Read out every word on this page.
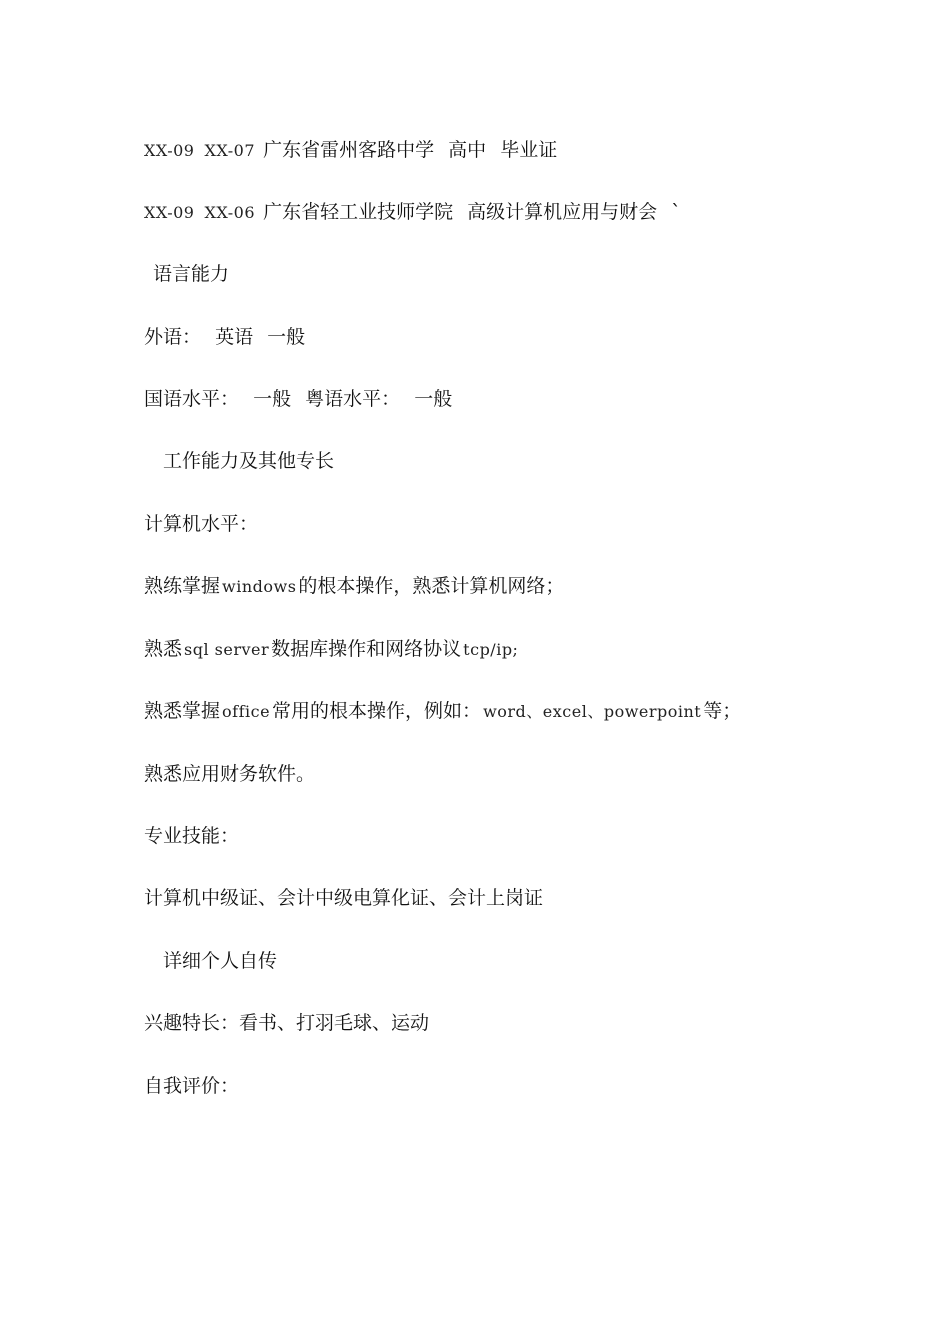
XX-09 XX-07 广东省雷州客路中学 高中 毕业证
XX-09 XX-06 广东省轻工业技师学院 高级计算机应用与财会 `
语言能力
外语： 英语 一般
国语水平： 一般 粤语水平： 一般
工作能力及其他专长
计算机水平：
熟练掌握 windows 的根本操作，熟悉计算机网络；
熟悉 sql server 数据库操作和网络协议 tcp/ip;
熟悉掌握 office 常用的根本操作，例如： word、excel、powerpoint 等；
熟悉应用财务软件。
专业技能：
计算机中级证、会计中级电算化证、会计上岗证
详细个人自传
兴趣特长：看书、打羽毛球、运动
自我评价：
